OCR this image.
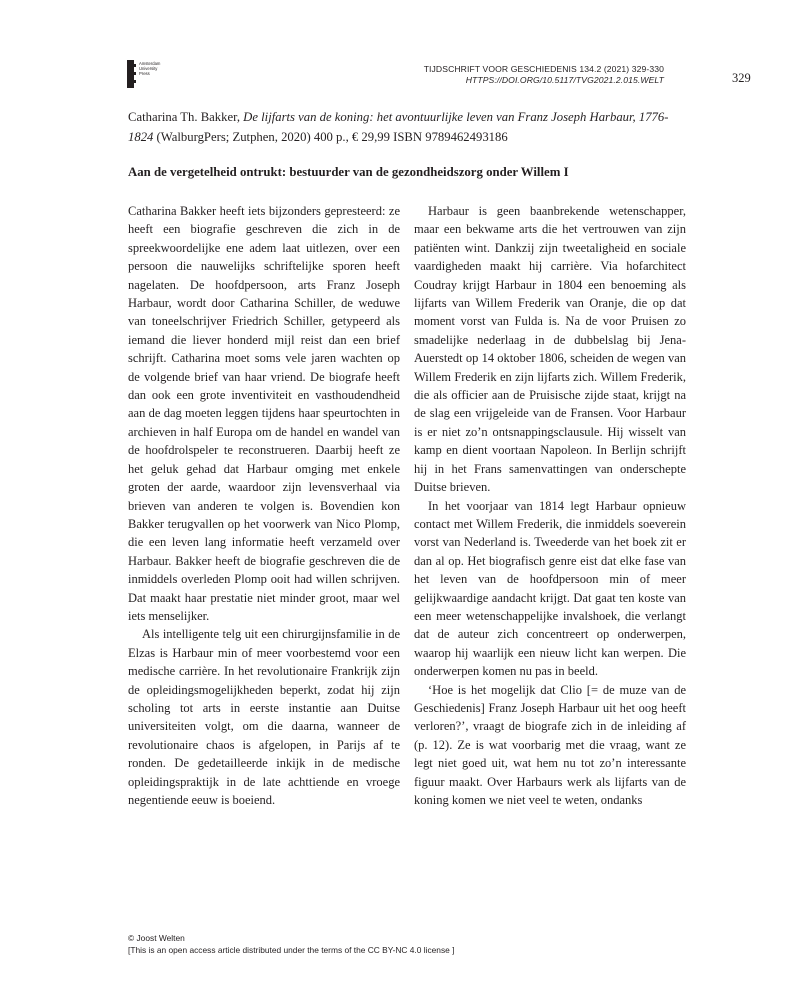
Amsterdam
University
Press	TIJDSCHRIFT VOOR GESCHIEDENIS 134.2 (2021) 329-330
HTTPS://DOI.ORG/10.5117/TVG2021.2.015.WELT	329
Catharina Th. Bakker, De lijfarts van de koning: het avontuurlijke leven van Franz Joseph Harbaur, 1776-1824 (WalburgPers; Zutphen, 2020) 400 p., € 29,99 ISBN 9789462493186
Aan de vergetelheid ontrukt: bestuurder van de gezondheidszorg onder Willem I

Catharina Bakker heeft iets bijzonders gepresteerd: ze heeft een biografie geschreven die zich in de spreekwoordelijke ene adem laat uitlezen, over een persoon die nauwelijks schriftelijke sporen heeft nagelaten. De hoofdpersoon, arts Franz Joseph Harbaur, wordt door Catharina Schiller, de weduwe van toneelschrijver Friedrich Schiller, getypeerd als iemand die liever honderd mijl reist dan een brief schrijft. Catharina moet soms vele jaren wachten op de volgende brief van haar vriend. De biografe heeft dan ook een grote inventiviteit en vasthoudendheid aan de dag moeten leggen tijdens haar speurtochten in archieven in half Europa om de handel en wandel van de hoofdrolspeler te reconstrueren. Daarbij heeft ze het geluk gehad dat Harbaur omging met enkele groten der aarde, waardoor zijn levensverhaal via brieven van anderen te volgen is. Bovendien kon Bakker terugvallen op het voorwerk van Nico Plomp, die een leven lang informatie heeft verzameld over Harbaur. Bakker heeft de biografie geschreven die de inmiddels overleden Plomp ooit had willen schrijven. Dat maakt haar prestatie niet minder groot, maar wel iets menselijker.

Als intelligente telg uit een chirurgijnsfamilie in de Elzas is Harbaur min of meer voorbestemd voor een medische carrière. In het revolutionaire Frankrijk zijn de opleidingsmogelijkheden beperkt, zodat hij zijn scholing tot arts in eerste instantie aan Duitse universiteiten volgt, om die daarna, wanneer de revolutionaire chaos is afgelopen, in Parijs af te ronden. De gedetailleerde inkijk in de medische opleidingspraktijk in de late achttiende en vroege negentiende eeuw is boeiend.

Harbaur is geen baanbrekende wetenschapper, maar een bekwame arts die het vertrouwen van zijn patiënten wint. Dankzij zijn tweetaligheid en sociale vaardigheden maakt hij carrière. Via hofarchitect Coudray krijgt Harbaur in 1804 een benoeming als lijfarts van Willem Frederik van Oranje, die op dat moment vorst van Fulda is. Na de voor Pruisen zo smadelijke nederlaag in de dubbelslag bij Jena-Auerstedt op 14 oktober 1806, scheiden de wegen van Willem Frederik en zijn lijfarts zich. Willem Frederik, die als officier aan de Pruisische zijde staat, krijgt na de slag een vrijgeleide van de Fransen. Voor Harbaur is er niet zo’n ontsnappingsclausule. Hij wisselt van kamp en dient voortaan Napoleon. In Berlijn schrijft hij in het Frans samenvattingen van onderschepte Duitse brieven.

In het voorjaar van 1814 legt Harbaur opnieuw contact met Willem Frederik, die inmiddels soeverein vorst van Nederland is. Tweederde van het boek zit er dan al op. Het biografisch genre eist dat elke fase van het leven van de hoofdpersoon min of meer gelijkwaardige aandacht krijgt. Dat gaat ten koste van een meer wetenschappelijke invalshoek, die verlangt dat de auteur zich concentreert op onderwerpen, waarop hij waarlijk een nieuw licht kan werpen. Die onderwerpen komen nu pas in beeld.

‘Hoe is het mogelijk dat Clio [= de muze van de Geschiedenis] Franz Joseph Harbaur uit het oog heeft verloren?’, vraagt de biografe zich in de inleiding af (p. 12). Ze is wat voorbarig met die vraag, want ze legt niet goed uit, wat hem nu tot zo’n interessante figuur maakt. Over Harbaurs werk als lijfarts van de koning komen we niet veel te weten, ondanks

© Joost Welten
[This is an open access article distributed under the terms of the CC BY-NC 4.0 license ]
